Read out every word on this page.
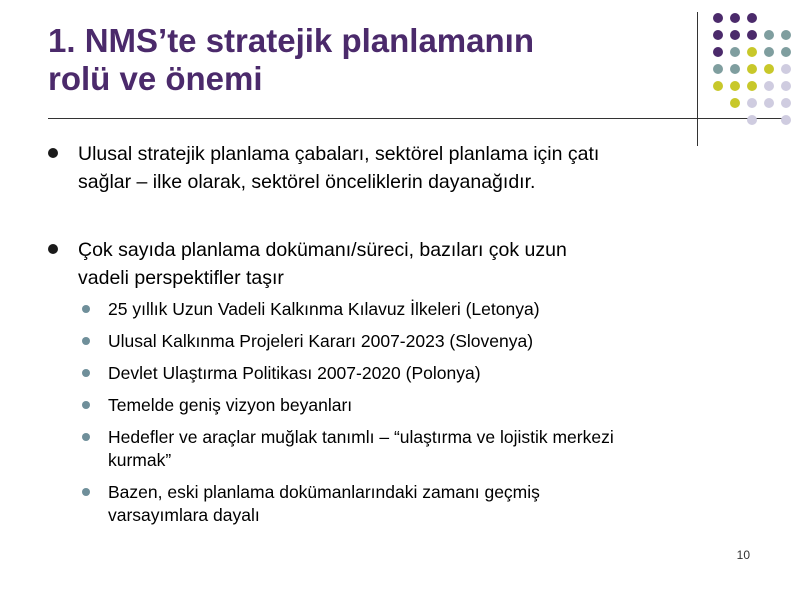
1. NMS’te stratejik planlamanın
rolü ve önemi

Ulusal stratejik planlama çabaları, sektörel planlama için çatı
sağlar – ilke olarak, sektörel önceliklerin dayanağıdır.

Çok sayıda planlama dokümanı/süreci, bazıları çok uzun
vadeli perspektifler taşır

25 yıllık Uzun Vadeli Kalkınma Kılavuz İlkeleri (Letonya)

Ulusal Kalkınma Projeleri Kararı 2007-2023 (Slovenya)

Devlet Ulaştırma Politikası 2007-2020 (Polonya)

Temelde geniş vizyon beyanları

Hedefler ve araçlar muğlak tanımlı – “ulaştırma ve lojistik merkezi
kurmak”

Bazen, eski planlama dokümanlarındaki zamanı geçmiş
varsayımlara dayalı

10
